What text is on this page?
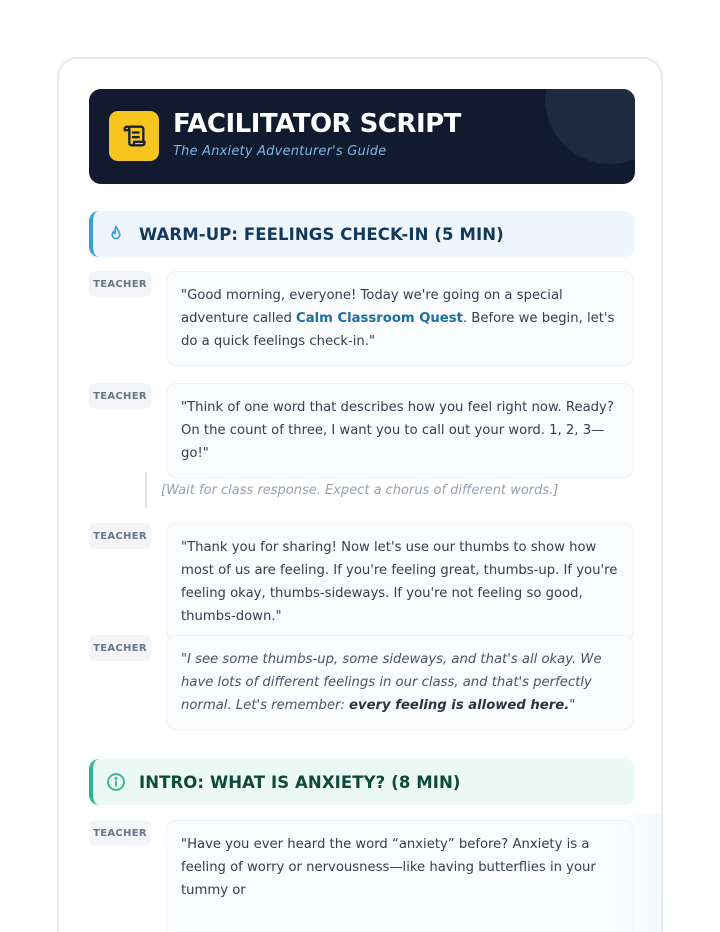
FACILITATOR SCRIPT
The Anxiety Adventurer's Guide
WARM-UP: FEELINGS CHECK-IN (5 MIN)
TEACHER
"Good morning, everyone! Today we're going on a special adventure called Calm Classroom Quest. Before we begin, let's do a quick feelings check-in."
TEACHER
"Think of one word that describes how you feel right now. Ready? On the count of three, I want you to call out your word. 1, 2, 3—go!"
[Wait for class response. Expect a chorus of different words.]
TEACHER
"Thank you for sharing! Now let's use our thumbs to show how most of us are feeling. If you're feeling great, thumbs-up. If you're feeling okay, thumbs-sideways. If you're not feeling so good, thumbs-down."
TEACHER
"I see some thumbs-up, some sideways, and that's all okay. We have lots of different feelings in our class, and that's perfectly normal. Let's remember: every feeling is allowed here."
INTRO: WHAT IS ANXIETY? (8 MIN)
TEACHER
"Have you ever heard the word “anxiety” before? Anxiety is a feeling of worry or nervousness—like having butterflies in your tummy or
